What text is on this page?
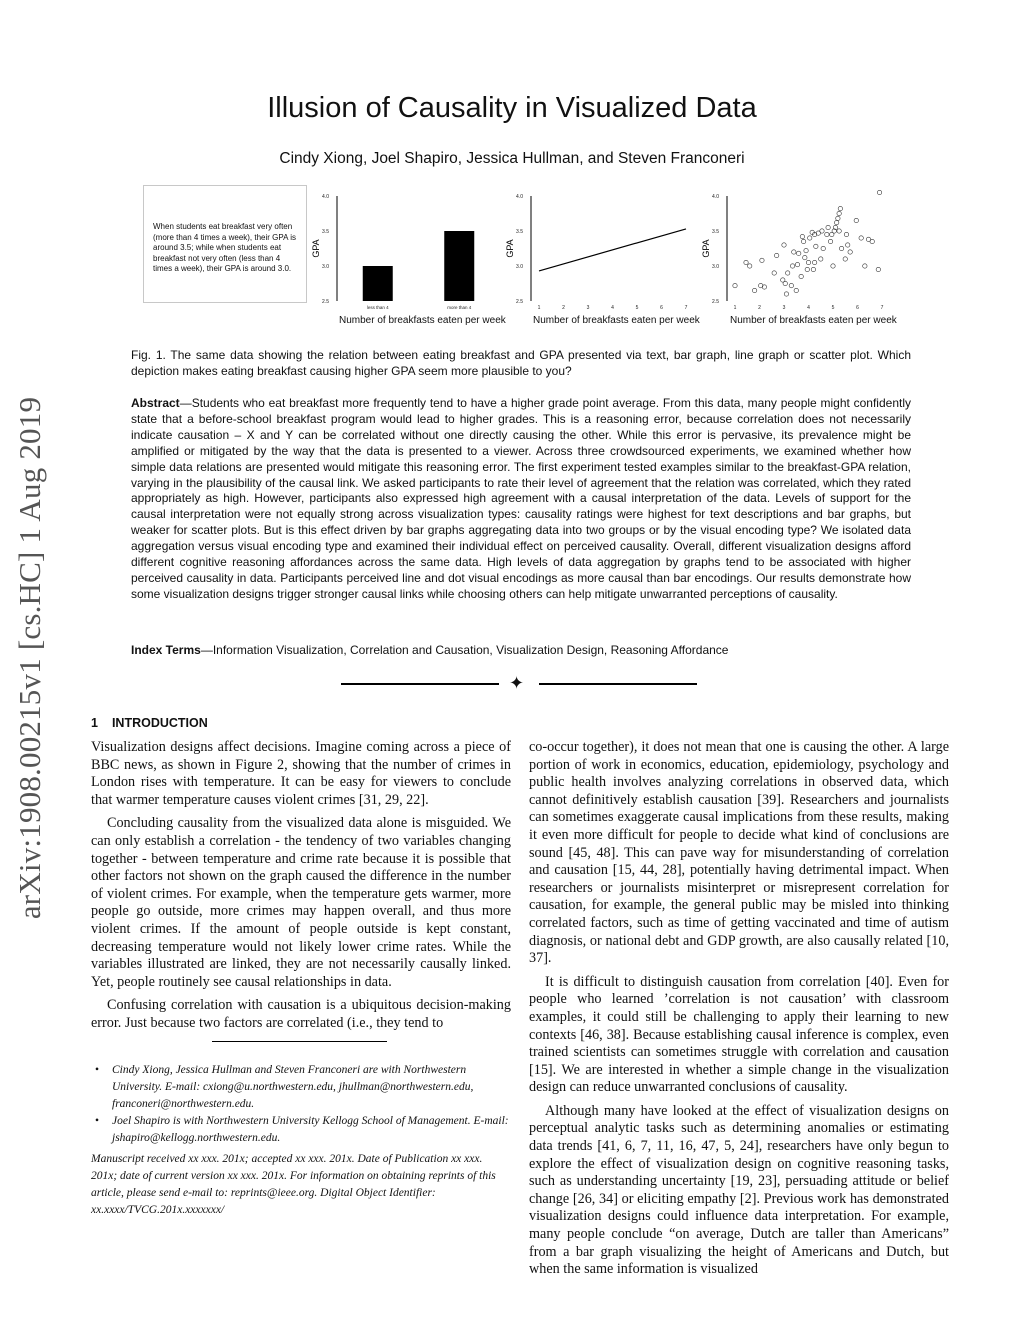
arXiv:1908.00215v1 [cs.HC] 1 Aug 2019
Illusion of Causality in Visualized Data
Cindy Xiong, Joel Shapiro, Jessica Hullman, and Steven Franconeri
When students eat breakfast very often (more than 4 times a week), their GPA is around 3.5; while when students eat breakfast not very often (less than 4 times a week), their GPA is around 3.0.
2.5
3.0
3.5
4.0
GPA
less than 4	more than 4
2.5
3.0
3.5
4.0
GPA
1	2	3	4	5	6	7
2.5
3.0
3.5
4.0
GPA
1	2	3	4	5	6	7
Number of breakfasts eaten per week	Number of breakfasts eaten per week	Number of breakfasts eaten per week
Fig. 1. The same data showing the relation between eating breakfast and GPA presented via text, bar graph, line graph or scatter plot. Which depiction makes eating breakfast causing higher GPA seem more plausible to you?
Abstract—Students who eat breakfast more frequently tend to have a higher grade point average. From this data, many people might confidently state that a before-school breakfast program would lead to higher grades. This is a reasoning error, because correlation does not necessarily indicate causation – X and Y can be correlated without one directly causing the other. While this error is pervasive, its prevalence might be amplified or mitigated by the way that the data is presented to a viewer. Across three crowdsourced experiments, we examined whether how simple data relations are presented would mitigate this reasoning error. The first experiment tested examples similar to the breakfast-GPA relation, varying in the plausibility of the causal link. We asked participants to rate their level of agreement that the relation was correlated, which they rated appropriately as high. However, participants also expressed high agreement with a causal interpretation of the data. Levels of support for the causal interpretation were not equally strong across visualization types: causality ratings were highest for text descriptions and bar graphs, but weaker for scatter plots. But is this effect driven by bar graphs aggregating data into two groups or by the visual encoding type? We isolated data aggregation versus visual encoding type and examined their individual effect on perceived causality. Overall, different visualization designs afford different cognitive reasoning affordances across the same data. High levels of data aggregation by graphs tend to be associated with higher perceived causality in data. Participants perceived line and dot visual encodings as more causal than bar encodings. Our results demonstrate how some visualization designs trigger stronger causal links while choosing others can help mitigate unwarranted perceptions of causality.
Index Terms—Information Visualization, Correlation and Causation, Visualization Design, Reasoning Affordance
✦
1 INTRODUCTION

Visualization designs affect decisions. Imagine coming across a piece of BBC news, as shown in Figure 2, showing that the number of crimes in London rises with temperature. It can be easy for viewers to conclude that warmer temperature causes violent crimes [31, 29, 22].

Concluding causality from the visualized data alone is misguided. We can only establish a correlation - the tendency of two variables changing together - between temperature and crime rate because it is possible that other factors not shown on the graph caused the difference in the number of violent crimes. For example, when the temperature gets warmer, more people go outside, more crimes may happen overall, and thus more violent crimes. If the amount of people outside is kept constant, decreasing temperature would not likely lower crime rates. While the variables illustrated are linked, they are not necessarily causally linked. Yet, people routinely see causal relationships in data.

Confusing correlation with causation is a ubiquitous decision-making error. Just because two factors are correlated (i.e., they tend to

• Cindy Xiong, Jessica Hullman and Steven Franconeri are with Northwestern University. E-mail: cxiong@u.northwestern.edu, jhullman@northwestern.edu, franconeri@northwestern.edu.
• Joel Shapiro is with Northwestern University Kellogg School of Management. E-mail: jshapiro@kellogg.northwestern.edu.
Manuscript received xx xxx. 201x; accepted xx xxx. 201x. Date of Publication xx xxx. 201x; date of current version xx xxx. 201x. For information on obtaining reprints of this article, please send e-mail to: reprints@ieee.org. Digital Object Identifier: xx.xxxx/TVCG.201x.xxxxxxx/

co-occur together), it does not mean that one is causing the other. A large portion of work in economics, education, epidemiology, psychology and public health involves analyzing correlations in observed data, which cannot definitively establish causation [39]. Researchers and journalists can sometimes exaggerate causal implications from these results, making it even more difficult for people to decide what kind of conclusions are sound [45, 48]. This can pave way for misunderstanding of correlation and causation [15, 44, 28], potentially having detrimental impact. When researchers or journalists misinterpret or misrepresent correlation for causation, for example, the general public may be misled into thinking correlated factors, such as time of getting vaccinated and time of autism diagnosis, or national debt and GDP growth, are also causally related [10, 37].

It is difficult to distinguish causation from correlation [40]. Even for people who learned ’correlation is not causation’ with classroom examples, it could still be challenging to apply their learning to new contexts [46, 38]. Because establishing causal inference is complex, even trained scientists can sometimes struggle with correlation and causation [15]. We are interested in whether a simple change in the visualization design can reduce unwarranted conclusions of causality.

Although many have looked at the effect of visualization designs on perceptual analytic tasks such as determining anomalies or estimating data trends [41, 6, 7, 11, 16, 47, 5, 24], researchers have only begun to explore the effect of visualization design on cognitive reasoning tasks, such as understanding uncertainty [19, 23], persuading attitude or belief change [26, 34] or eliciting empathy [2]. Previous work has demonstrated visualization designs could influence data interpretation. For example, many people conclude “on average, Dutch are taller than Americans” from a bar graph visualizing the height of Americans and Dutch, but when the same information is visualized
